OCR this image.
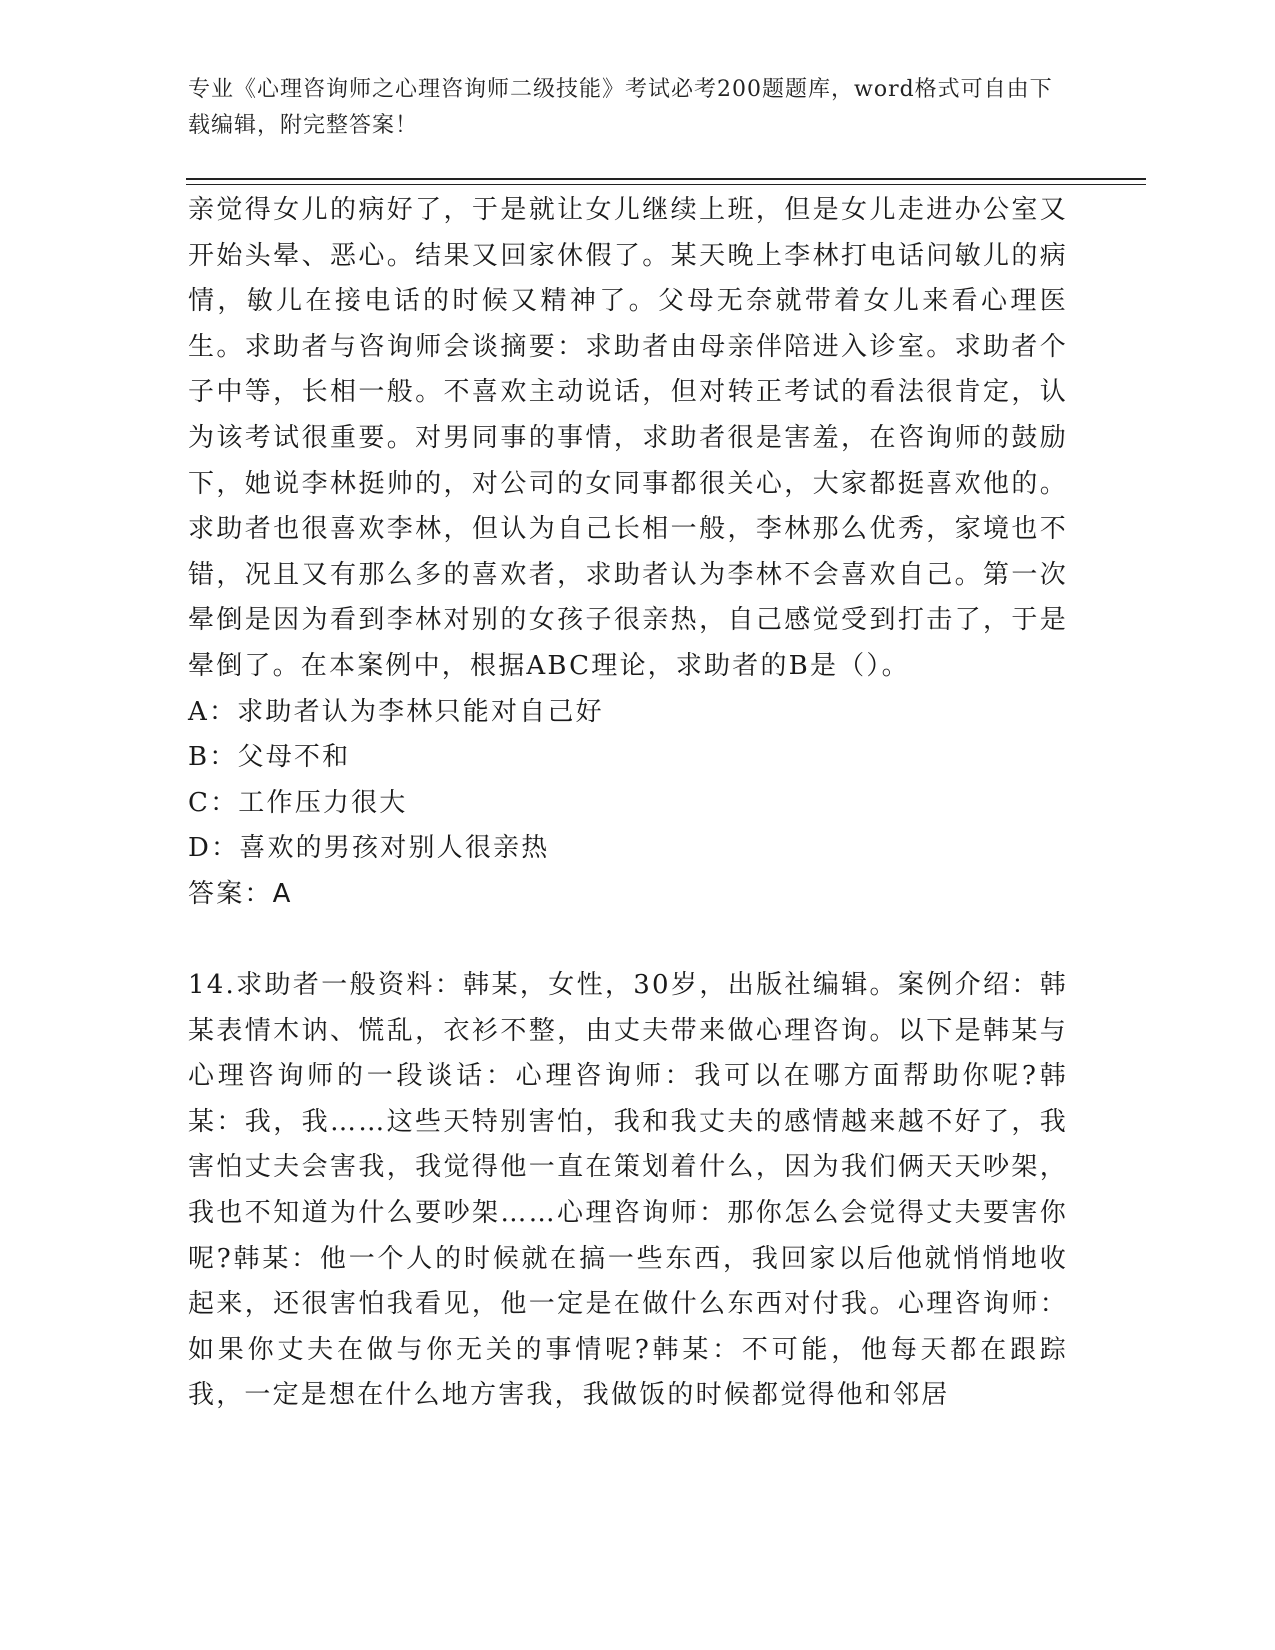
专业《心理咨询师之心理咨询师二级技能》考试必考200题题库，word格式可自由下载编辑，附完整答案！

亲觉得女儿的病好了，于是就让女儿继续上班，但是女儿走进办公室又开始头晕、恶心。结果又回家休假了。某天晚上李林打电话问敏儿的病情，敏儿在接电话的时候又精神了。父母无奈就带着女儿来看心理医生。求助者与咨询师会谈摘要：求助者由母亲伴陪进入诊室。求助者个子中等，长相一般。不喜欢主动说话，但对转正考试的看法很肯定，认为该考试很重要。对男同事的事情，求助者很是害羞，在咨询师的鼓励下，她说李林挺帅的，对公司的女同事都很关心，大家都挺喜欢他的。求助者也很喜欢李林，但认为自己长相一般，李林那么优秀，家境也不错，况且又有那么多的喜欢者，求助者认为李林不会喜欢自己。第一次晕倒是因为看到李林对别的女孩子很亲热，自己感觉受到打击了，于是晕倒了。在本案例中，根据ABC理论，求助者的B是（）。

A：求助者认为李林只能对自己好

B：父母不和

C：工作压力很大

D：喜欢的男孩对别人很亲热

答案：A

14.求助者一般资料：韩某，女性，30岁，出版社编辑。案例介绍：韩某表情木讷、慌乱，衣衫不整，由丈夫带来做心理咨询。以下是韩某与心理咨询师的一段谈话：心理咨询师：我可以在哪方面帮助你呢?韩某：我，我……这些天特别害怕，我和我丈夫的感情越来越不好了，我害怕丈夫会害我，我觉得他一直在策划着什么，因为我们俩天天吵架，我也不知道为什么要吵架……心理咨询师：那你怎么会觉得丈夫要害你呢?韩某：他一个人的时候就在搞一些东西，我回家以后他就悄悄地收起来，还很害怕我看见，他一定是在做什么东西对付我。心理咨询师：如果你丈夫在做与你无关的事情呢?韩某：不可能，他每天都在跟踪我，一定是想在什么地方害我，我做饭的时候都觉得他和邻居
